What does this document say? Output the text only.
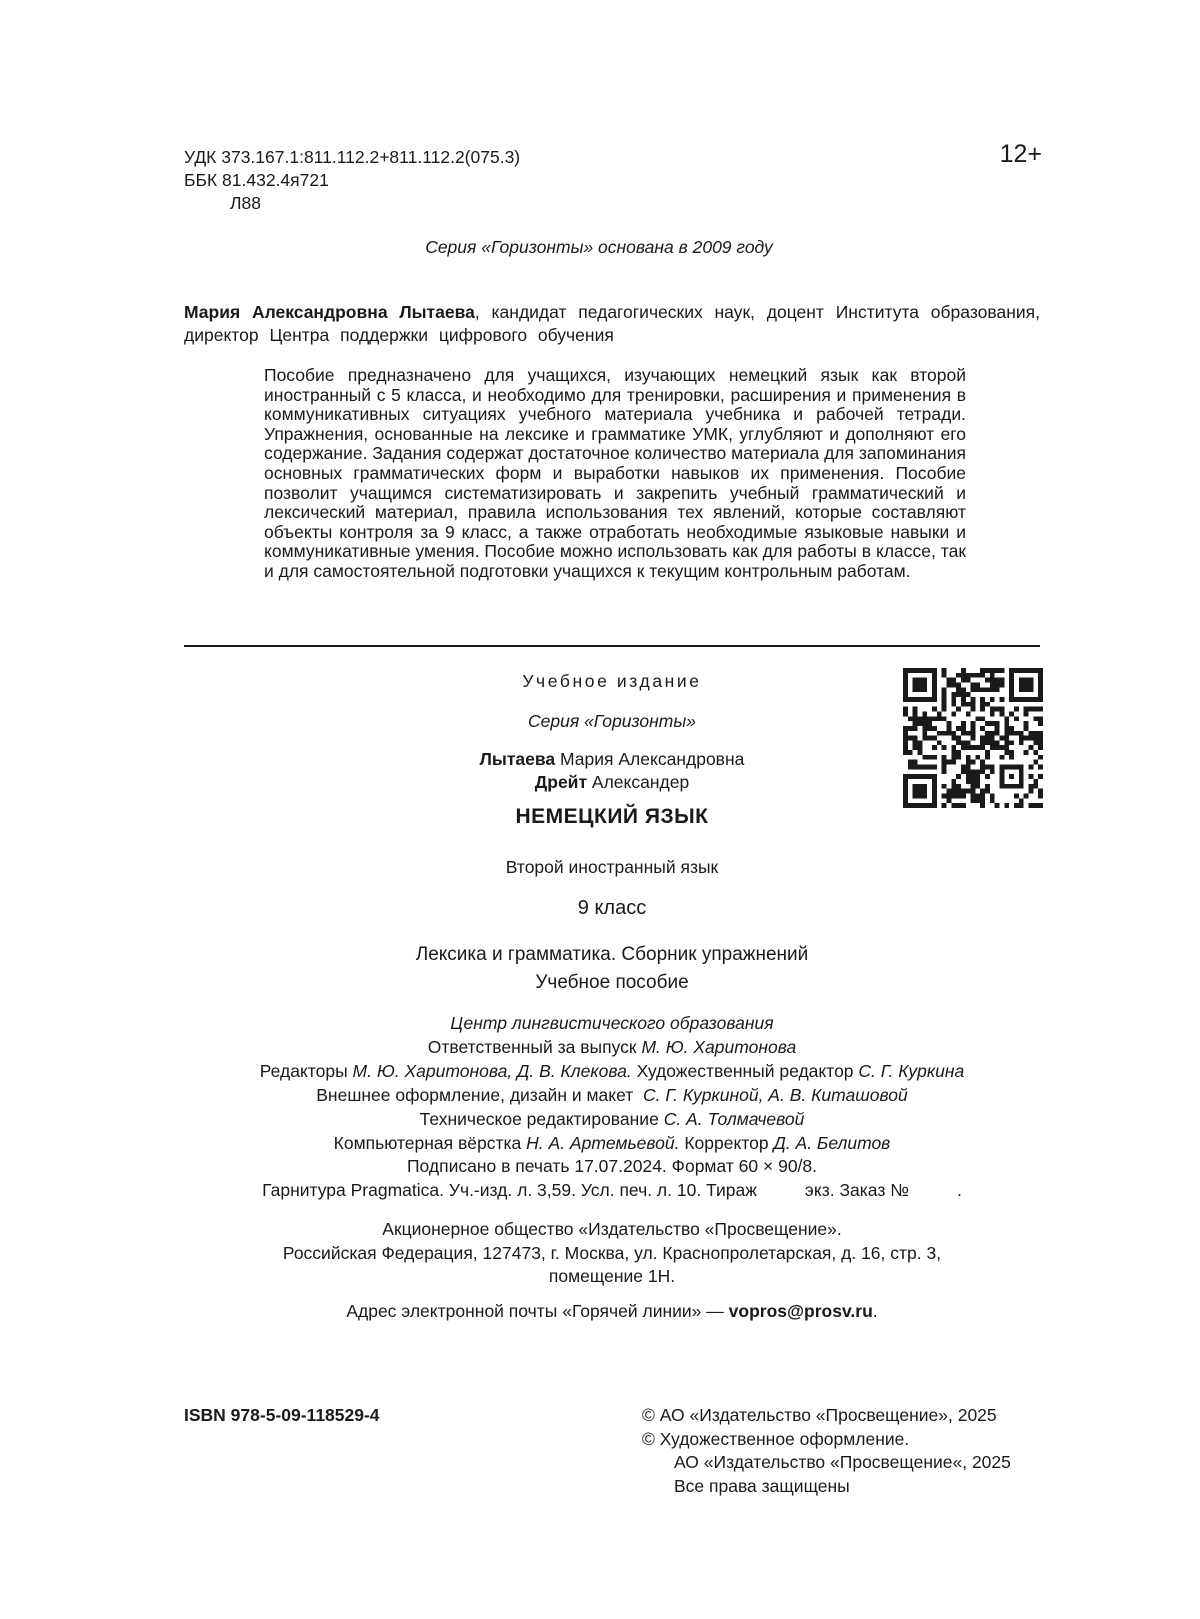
УДК 373.167.1:811.112.2+811.112.2(075.3)
ББК 81.432.4я721
Л88
12+
Серия «Горизонты» основана в 2009 году
Мария Александровна Лытаева, кандидат педагогических наук, доцент Института образования, директор Центра поддержки цифрового обучения
Пособие предназначено для учащихся, изучающих немецкий язык как второй иностранный с 5 класса, и необходимо для тренировки, расширения и применения в коммуникативных ситуациях учебного материала учебника и рабочей тетради. Упражнения, основанные на лексике и грамматике УМК, углубляют и дополняют его содержание. Задания содержат достаточное количество материала для запоминания основных грамматических форм и выработки навыков их применения. Пособие позволит учащимся систематизировать и закрепить учебный грамматический и лексический материал, правила использования тех явлений, которые составляют объекты контроля за 9 класс, а также отработать необходимые языковые навыки и коммуникативные умения. Пособие можно использовать как для работы в классе, так и для самостоятельной подготовки учащихся к текущим контрольным работам.
Учебное издание
Серия «Горизонты»
Лытаева Мария Александровна
Дрейт Александер
НЕМЕЦКИЙ ЯЗЫК
Второй иностранный язык
9 класс
Лексика и грамматика. Сборник упражнений
Учебное пособие
Центр лингвистического образования
Ответственный за выпуск М. Ю. Харитонова
Редакторы М. Ю. Харитонова, Д. В. Клекова. Художественный редактор С. Г. Куркина
Внешнее оформление, дизайн и макет С. Г. Куркиной, А. В. Киташовой
Техническое редактирование С. А. Толмачевой
Компьютерная вёрстка Н. А. Артемьевой. Корректор Д. А. Белитов
Подписано в печать 17.07.2024. Формат 60 × 90/8.
Гарнитура Pragmatica. Уч.-изд. л. 3,59. Усл. печ. л. 10. Тираж	экз. Заказ №	.
Акционерное общество «Издательство «Просвещение».
Российская Федерация, 127473, г. Москва, ул. Краснопролетарская, д. 16, стр. 3,
помещение 1Н.
Адрес электронной почты «Горячей линии» — vopros@prosv.ru.
ISBN 978-5-09-118529-4	© АО «Издательство «Просвещение», 2025
© Художественное оформление.
АО «Издательство «Просвещение«, 2025
Все права защищены
